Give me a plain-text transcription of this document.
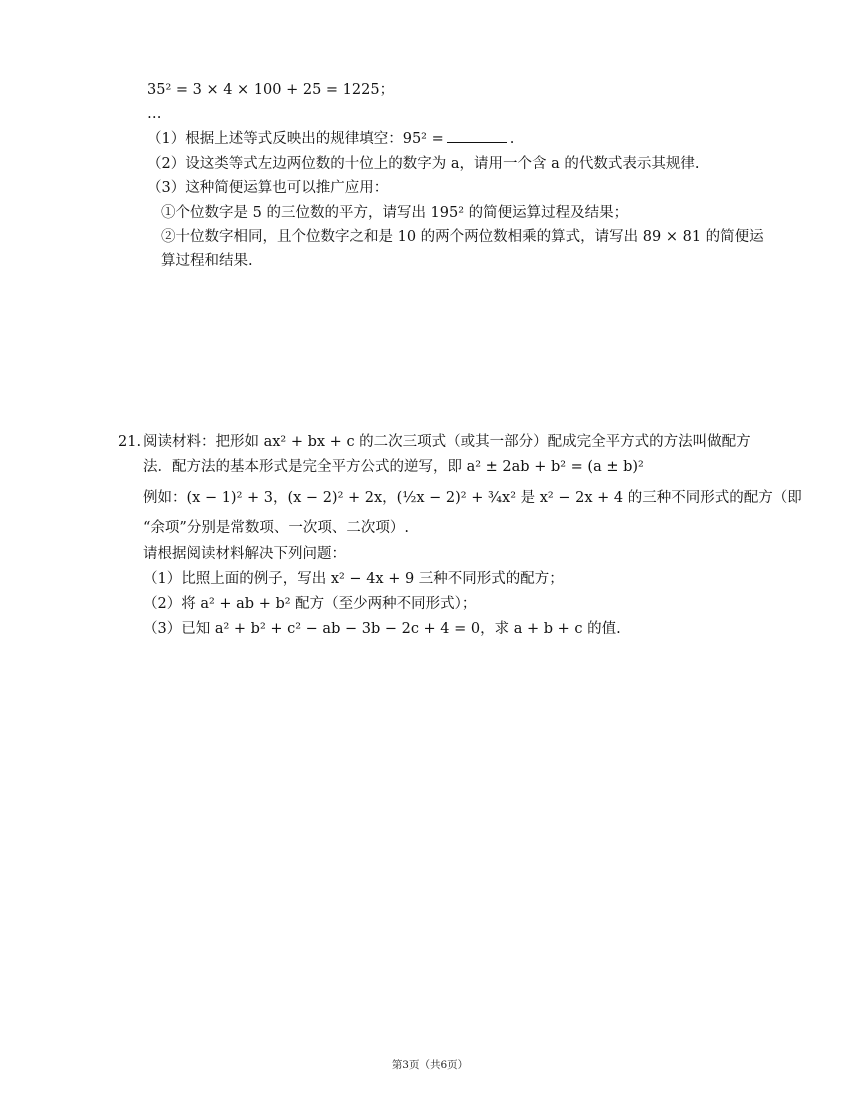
35² = 3 × 4 × 100 + 25 = 1225；
…
（1）根据上述等式反映出的规律填空：95² =	.
（2）设这类等式左边两位数的十位上的数字为 a，请用一个含 a 的代数式表示其规律.
（3）这种简便运算也可以推广应用：
①个位数字是 5 的三位数的平方，请写出 195² 的简便运算过程及结果；
②十位数字相同，且个位数字之和是 10 的两个两位数相乘的算式，请写出 89 × 81 的简便运
算过程和结果.
21. 阅读材料：把形如 ax² + bx + c 的二次三项式（或其一部分）配成完全平方式的方法叫做配方
法．配方法的基本形式是完全平方公式的逆写，即 a² ± 2ab + b² = (a ± b)²
例如：(x − 1)² + 3，(x − 2)² + 2x，(½x − 2)² + ¾x² 是 x² − 2x + 4 的三种不同形式的配方（即
“余项”分别是常数项、一次项、二次项）.
请根据阅读材料解决下列问题：
（1）比照上面的例子，写出 x² − 4x + 9 三种不同形式的配方；
（2）将 a² + ab + b² 配方（至少两种不同形式）；
（3）已知 a² + b² + c² − ab − 3b − 2c + 4 = 0，求 a + b + c 的值.
第3页（共6页）
